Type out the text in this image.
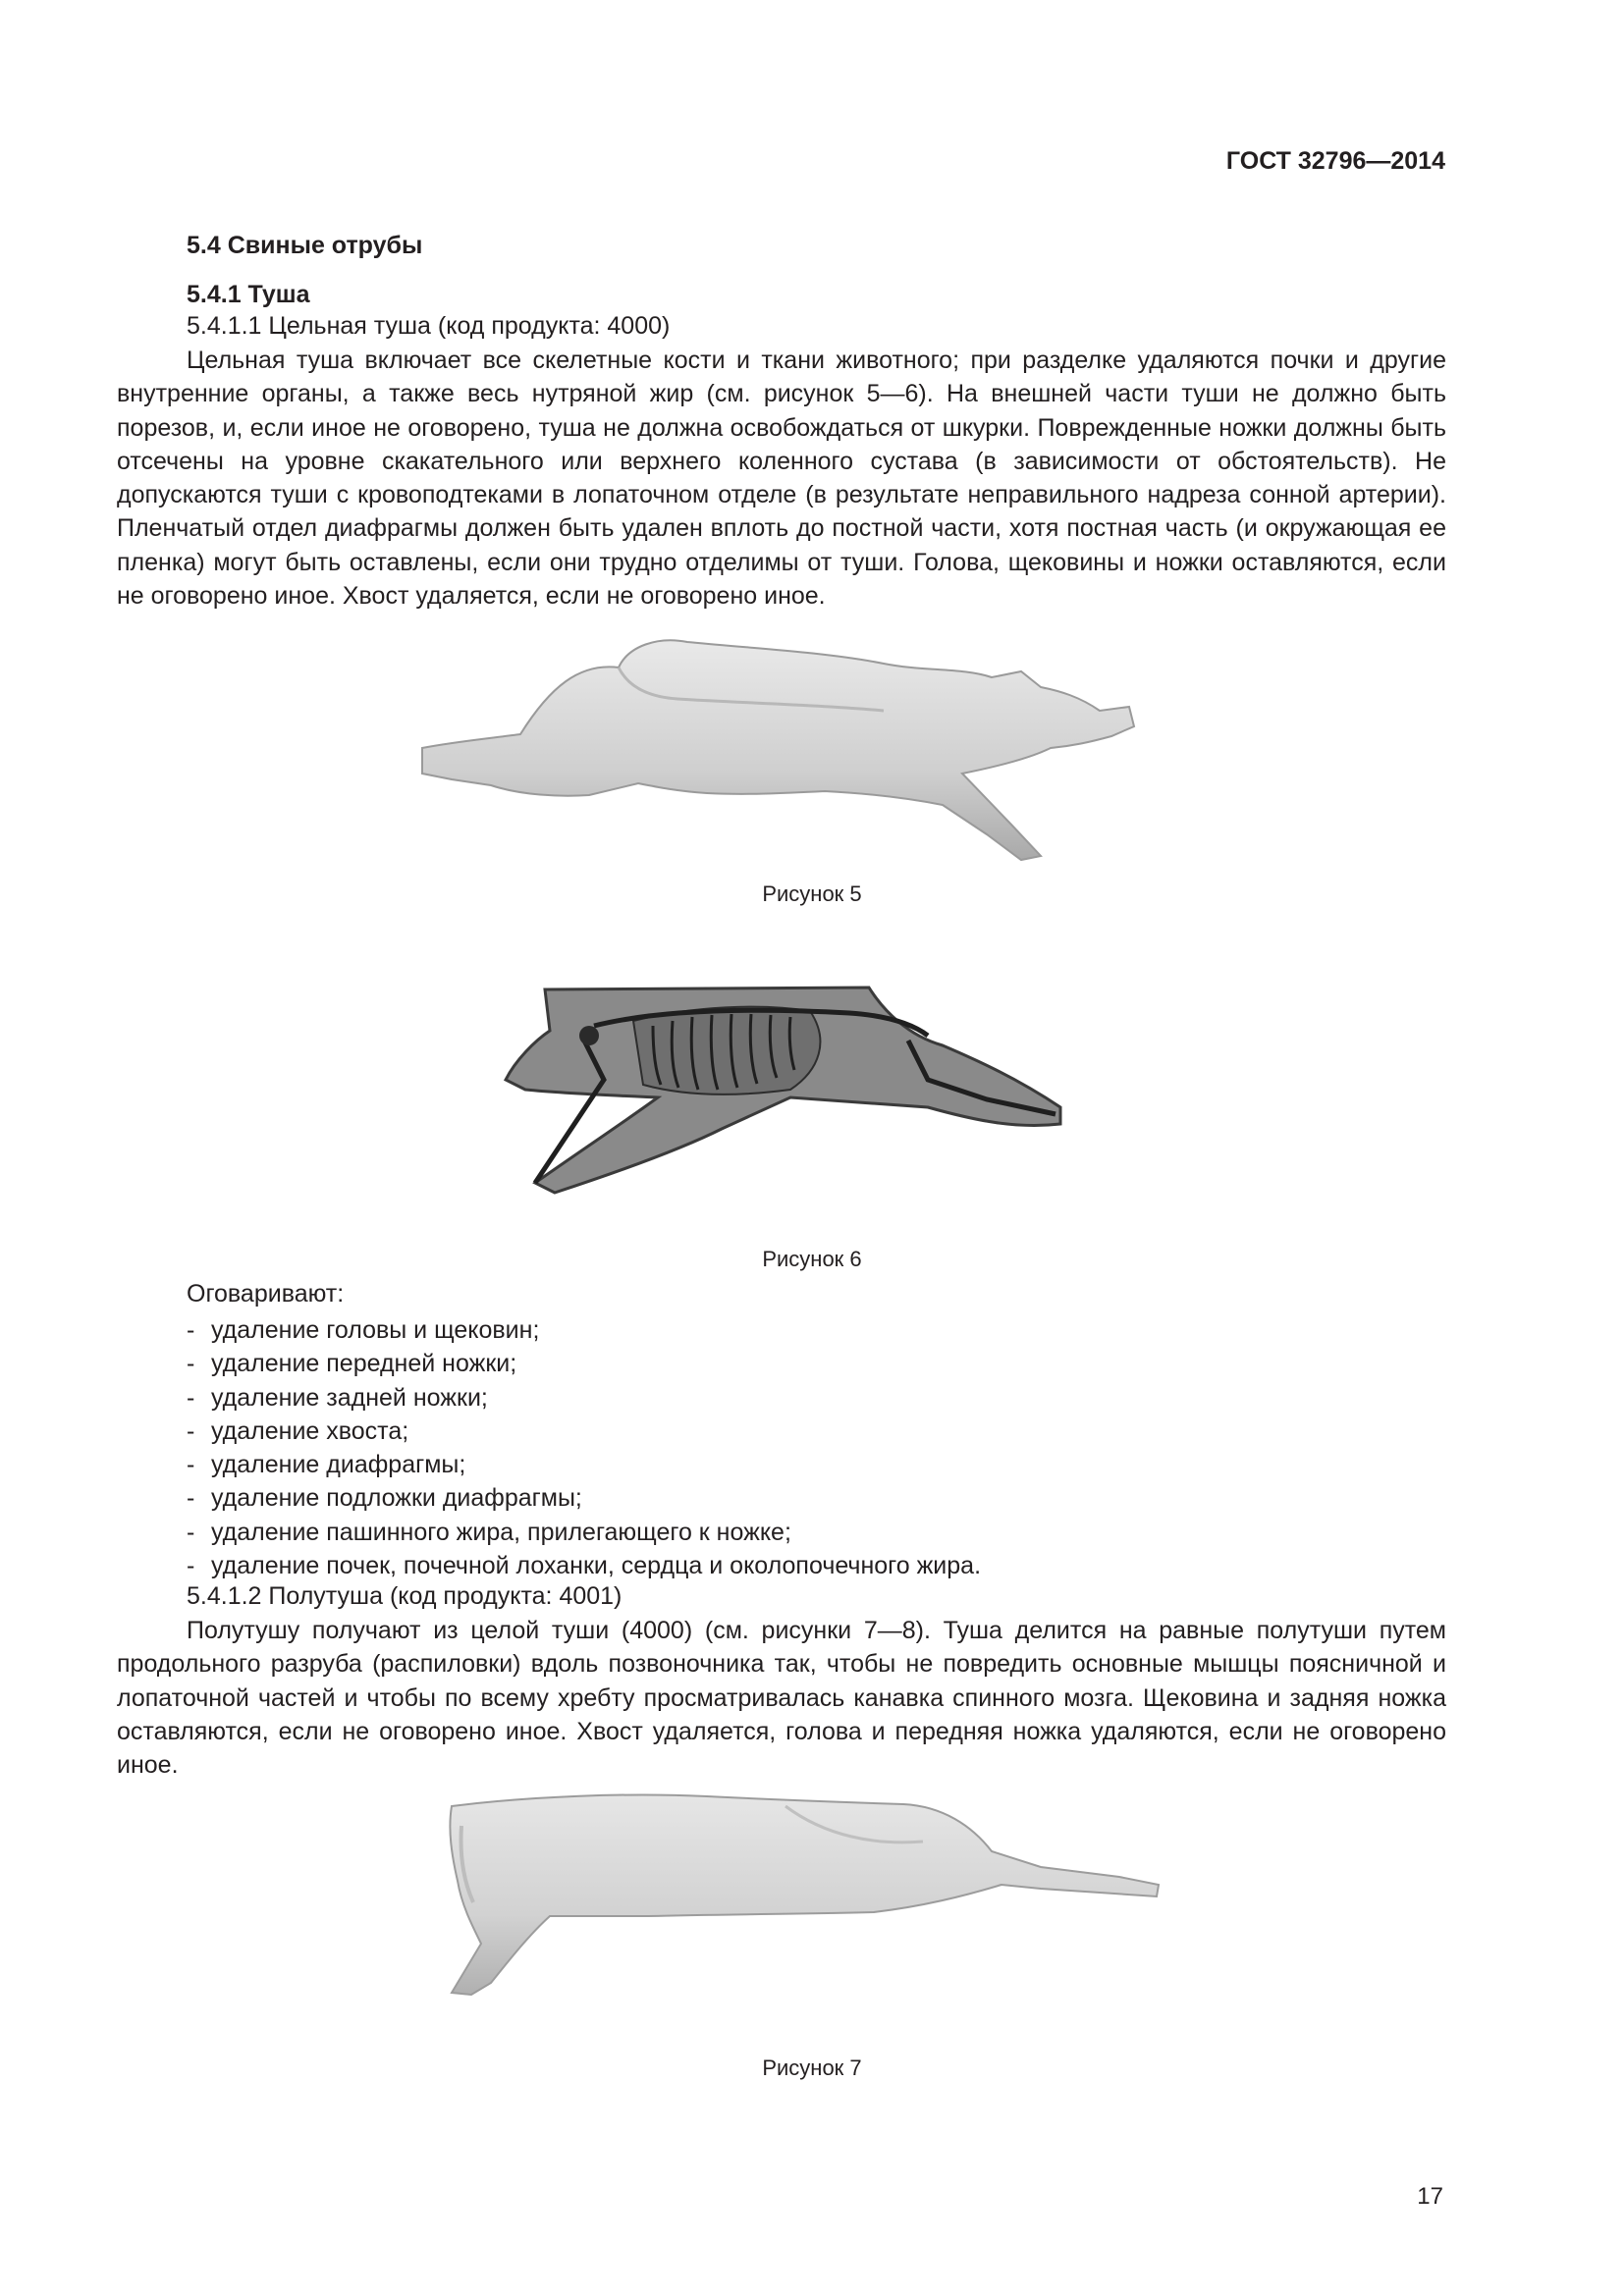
ГОСТ 32796—2014
5.4 Свиные отрубы
5.4.1 Туша
5.4.1.1 Цельная туша (код продукта: 4000)

Цельная туша включает все скелетные кости и ткани животного; при разделке удаляются почки и другие внутренние органы, а также весь нутряной жир (см. рисунок 5—6). На внешней части туши не должно быть порезов, и, если иное не оговорено, туша не должна освобождаться от шкурки. Поврежденные ножки должны быть отсечены на уровне скакательного или верхнего коленного сустава (в зависимости от обстоятельств). Не допускаются туши с кровоподтеками в лопаточном отделе (в результате неправильного надреза сонной артерии). Пленчатый отдел диафрагмы должен быть удален вплоть до постной части, хотя постная часть (и окружающая ее пленка) могут быть оставлены, если они трудно отделимы от туши. Голова, щековины и ножки оставляются, если не оговорено иное. Хвост удаляется, если не оговорено иное.

Рисунок 5
Рисунок 6
Оговаривают:
- удаление головы и щековин;
- удаление передней ножки;
- удаление задней ножки;
- удаление хвоста;
- удаление диафрагмы;
- удаление подложки диафрагмы;
- удаление пашинного жира, прилегающего к ножке;
- удаление почек, почечной лоханки, сердца и околопочечного жира.
5.4.1.2 Полутуша (код продукта: 4001)

Полутушу получают из целой туши (4000) (см. рисунки 7—8). Туша делится на равные полутуши путем продольного разруба (распиловки) вдоль позвоночника так, чтобы не повредить основные мышцы поясничной и лопаточной частей и чтобы по всему хребту просматривалась канавка спинного мозга. Щековина и задняя ножка оставляются, если не оговорено иное. Хвост удаляется, голова и передняя ножка удаляются, если не оговорено иное.

Рисунок 7
17
